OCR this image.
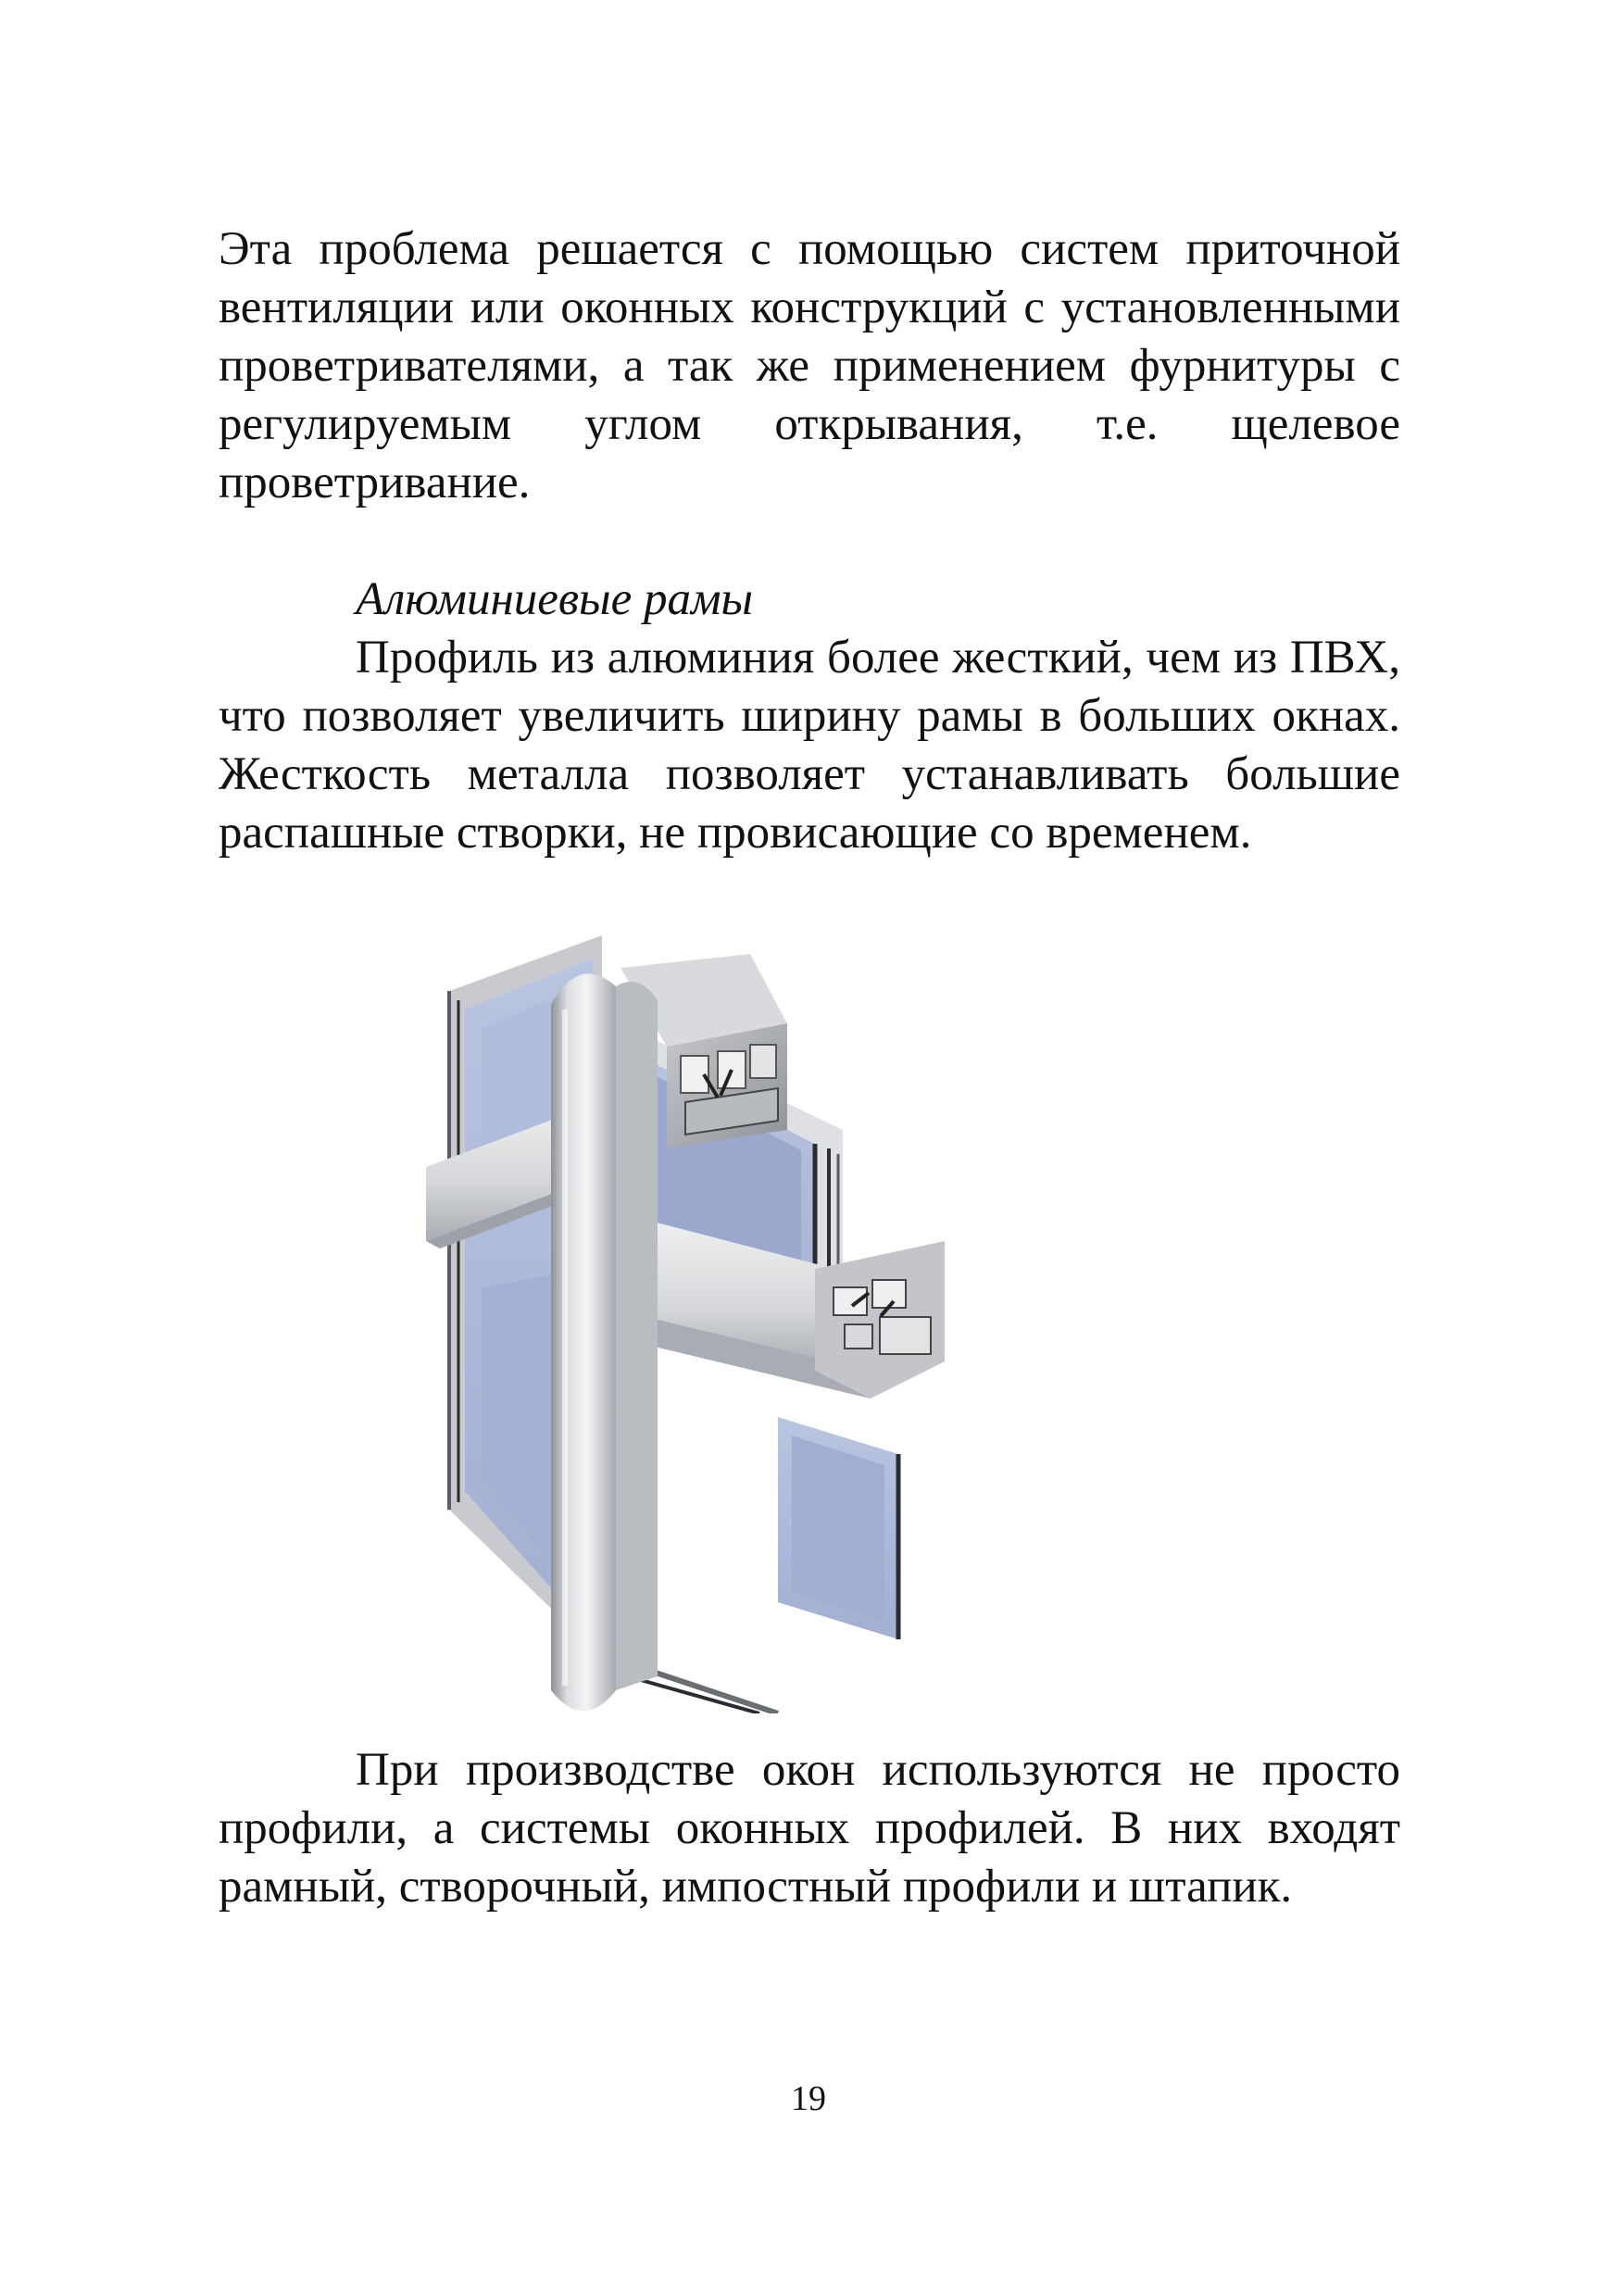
Эта проблема решается с помощью систем приточной вентиляции или оконных конструкций с установленными проветривателями, а так же применением фурнитуры с регулируемым углом открывания, т.е. щелевое проветривание.

Алюминиевые рамы

Профиль из алюминия более жесткий, чем из ПВХ, что позволяет увеличить ширину рамы в больших окнах. Жесткость металла позволяет устанавливать большие распашные створки, не провисающие со временем.

При производстве окон используются не просто профили, а системы оконных профилей. В них входят рамный, створочный, импостный профили и штапик.

19
